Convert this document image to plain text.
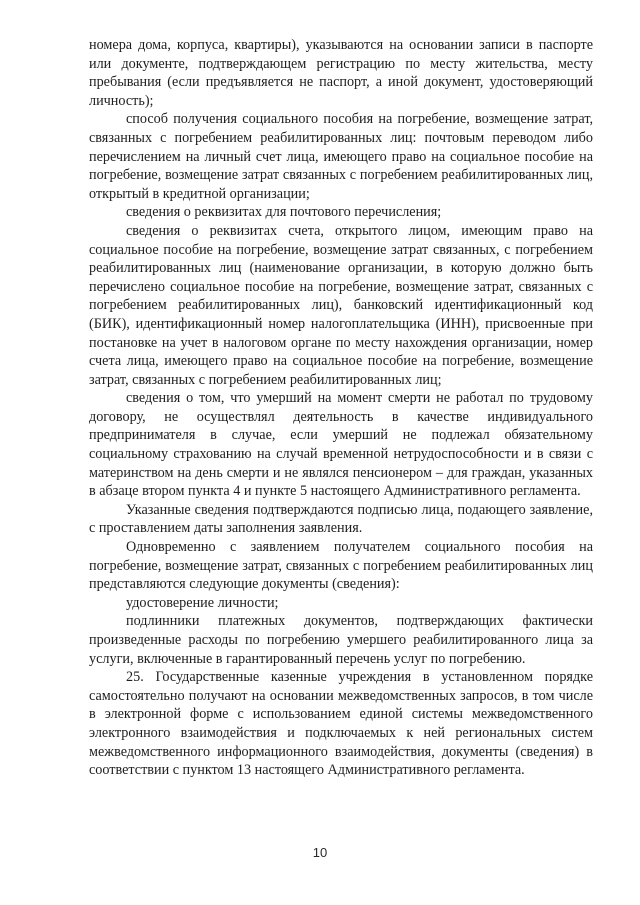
номера дома, корпуса, квартиры), указываются на основании записи в паспорте или документе, подтверждающем регистрацию по месту жительства, месту пребывания (если предъявляется не паспорт, а иной документ, удостоверяющий личность);

способ получения социального пособия на погребение, возмещение затрат, связанных с погребением реабилитированных лиц: почтовым переводом либо перечислением на личный счет лица, имеющего право на социальное пособие на погребение, возмещение затрат связанных с погребением реабилитированных лиц, открытый в кредитной организации;

сведения о реквизитах для почтового перечисления;

сведения о реквизитах счета, открытого лицом, имеющим право на социальное пособие на погребение, возмещение затрат связанных, с погребением реабилитированных лиц (наименование организации, в которую должно быть перечислено социальное пособие на погребение, возмещение затрат, связанных с погребением реабилитированных лиц), банковский идентификационный код (БИК), идентификационный номер налогоплательщика (ИНН), присвоенные при постановке на учет в налоговом органе по месту нахождения организации, номер счета лица, имеющего право на социальное пособие на погребение, возмещение затрат, связанных с погребением реабилитированных лиц;

сведения о том, что умерший на момент смерти не работал по трудовому договору, не осуществлял деятельность в качестве индивидуального предпринимателя в случае, если умерший не подлежал обязательному социальному страхованию на случай временной нетрудоспособности и в связи с материнством на день смерти и не являлся пенсионером – для граждан, указанных в абзаце втором пункта 4 и пункте 5 настоящего Административного регламента.

Указанные сведения подтверждаются подписью лица, подающего заявление, с проставлением даты заполнения заявления.

Одновременно с заявлением получателем социального пособия на погребение, возмещение затрат, связанных с погребением реабилитированных лиц представляются следующие документы (сведения):

удостоверение личности;

подлинники платежных документов, подтверждающих фактически произведенные расходы по погребению умершего реабилитированного лица за услуги, включенные в гарантированный перечень услуг по погребению.

25. Государственные казенные учреждения в установленном порядке самостоятельно получают на основании межведомственных запросов, в том числе в электронной форме с использованием единой системы межведомственного электронного взаимодействия и подключаемых к ней региональных систем межведомственного информационного взаимодействия, документы (сведения) в соответствии с пунктом 13 настоящего Административного регламента.

10
